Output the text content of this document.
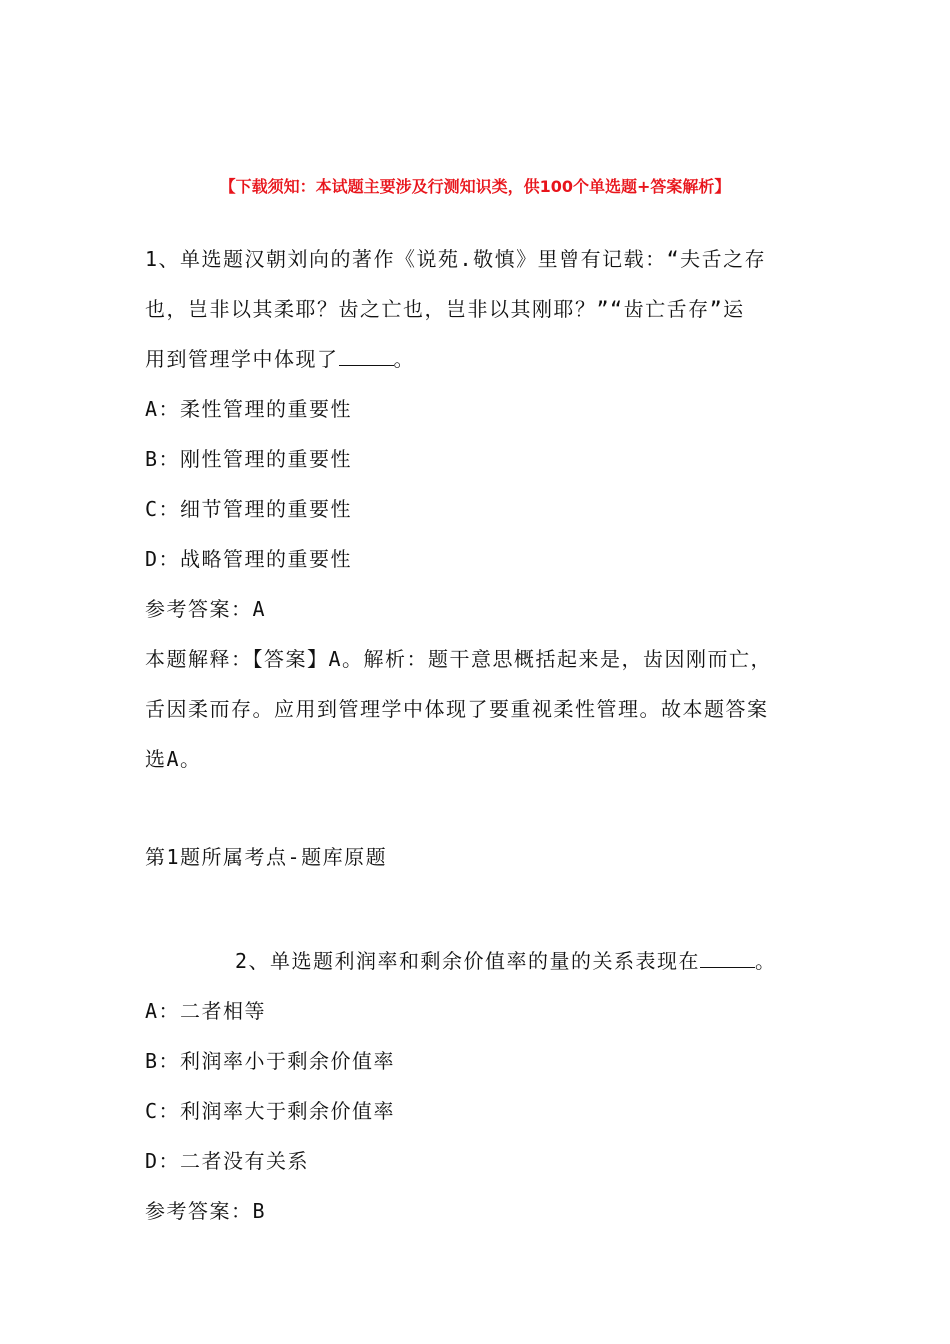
【下载须知：本试题主要涉及行测知识类，供100个单选题+答案解析】

1、单选题汉朝刘向的著作《说苑.敬慎》里曾有记载：“夫舌之存

也，岂非以其柔耶？齿之亡也，岂非以其刚耶？”“齿亡舌存”运

用到管理学中体现了	。

A：柔性管理的重要性

B：刚性管理的重要性

C：细节管理的重要性

D：战略管理的重要性

参考答案：A

本题解释：【答案】A。解析：题干意思概括起来是，齿因刚而亡，

舌因柔而存。应用到管理学中体现了要重视柔性管理。故本题答案

选A。

第1题所属考点-题库原题

2、单选题利润率和剩余价值率的量的关系表现在	。

A：二者相等

B：利润率小于剩余价值率

C：利润率大于剩余价值率

D：二者没有关系

参考答案：B
